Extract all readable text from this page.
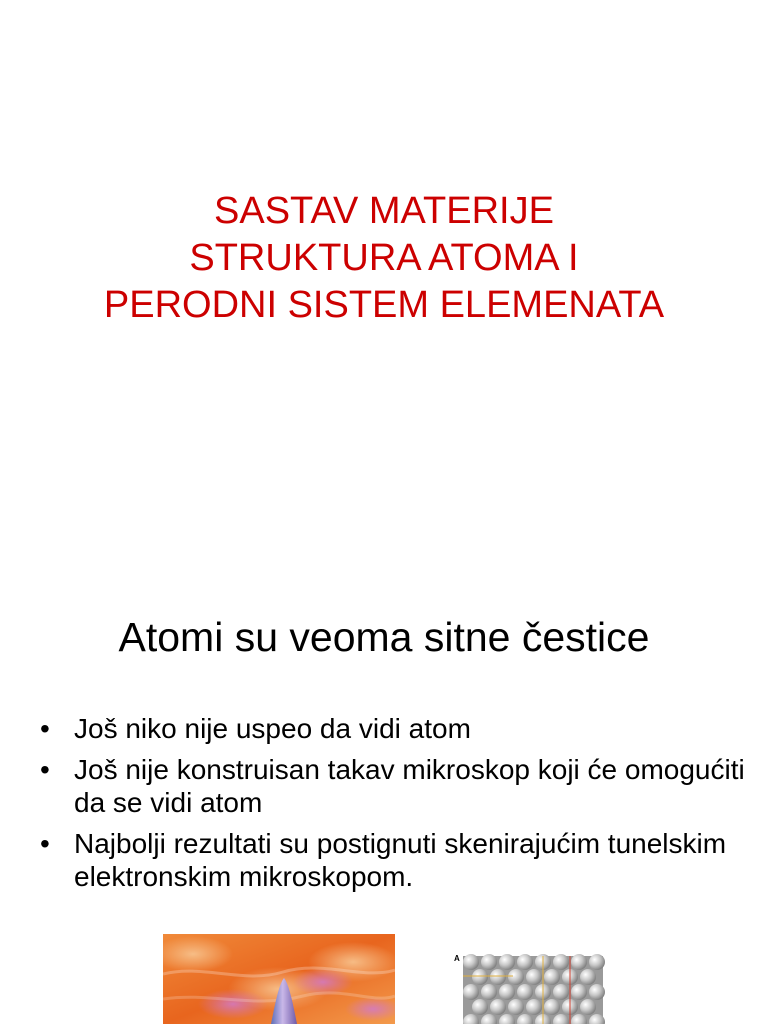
SASTAV MATERIJE
STRUKTURA ATOMA I
PERODNI SISTEM ELEMENATA
Atomi su veoma sitne čestice
• Još niko nije uspeo da vidi atom
• Još nije konstruisan takav mikroskop koji će omogućiti da se vidi atom
• Najbolji rezultati su postignuti skenirajućim tunelskim elektronskim mikroskopom.
A
